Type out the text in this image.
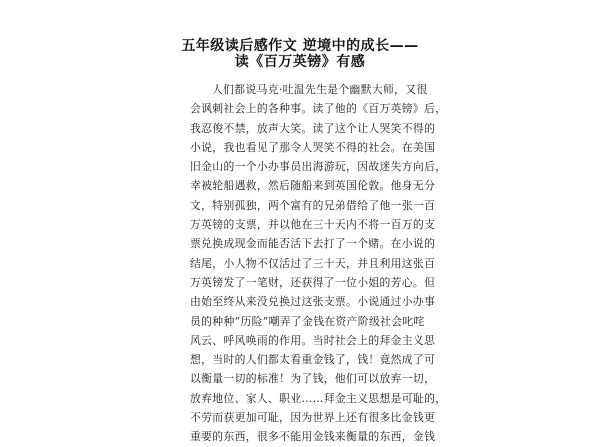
五年级读后感作文 逆境中的成长——
读《百万英镑》有感
人们都说马克·吐温先生是个幽默大师，又很
会讽刺社会上的各种事。读了他的《百万英镑》后，
我忍俊不禁，放声大笑。读了这个让人哭笑不得的
小说，我也看见了那令人哭笑不得的社会。在美国
旧金山的一个小办事员出海游玩，因故迷失方向后，
幸被轮船遇救，然后随船来到英国伦敦。他身无分
文，特别孤独，两个富有的兄弟借给了他一张一百
万英镑的支票，并以他在三十天内不将一百万的支
票兑换成现金而能否活下去打了一个赌。在小说的
结尾，小人物不仅活过了三十天，并且利用这张百
万英镑发了一笔财，还获得了一位小姐的芳心。但
由始至终从来没兑换过这张支票。小说通过小办事
员的种种“历险”嘲弄了金钱在资产阶级社会叱咤
风云、呼风唤雨的作用。当时社会上的拜金主义思
想，当时的人们都太看重金钱了，钱！竟然成了可
以衡量一切的标准！为了钱，他们可以放弃一切，
放弃地位、家人、职业……拜金主义思想是可耻的，
不劳而获更加可耻，因为世界上还有很多比金钱更
重要的东西，很多不能用金钱来衡量的东西，金钱
